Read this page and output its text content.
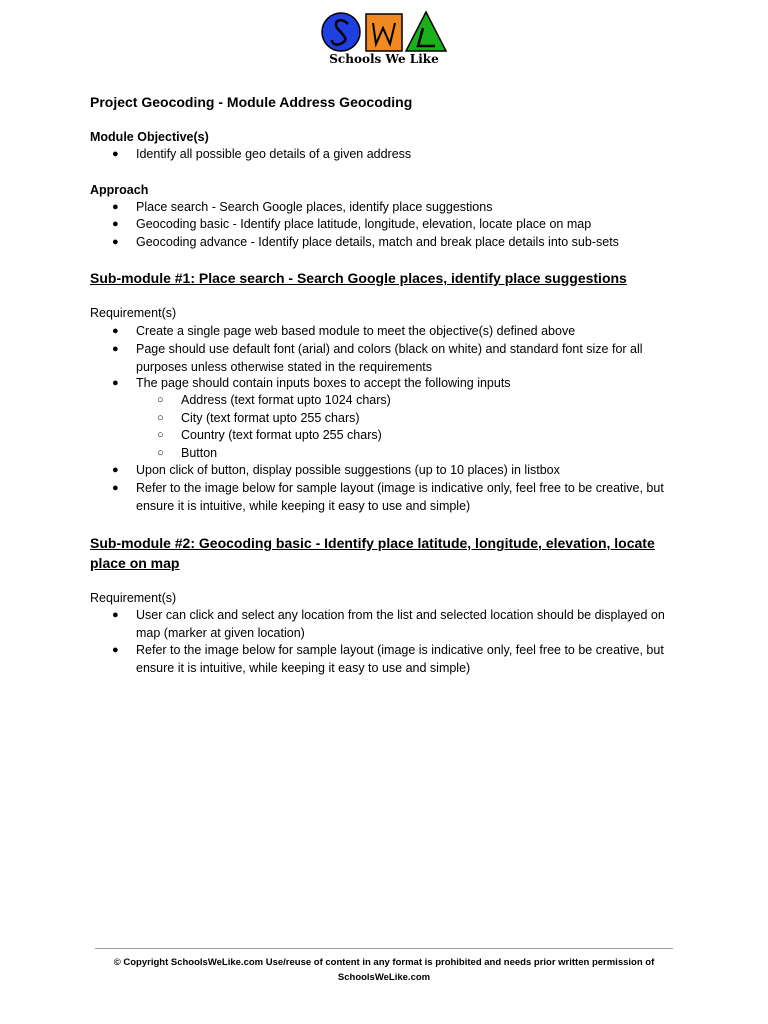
Schools We Like
Project Geocoding - Module Address Geocoding
Module Objective(s)
● Identify all possible geo details of a given address
Approach
● Place search - Search Google places, identify place suggestions
● Geocoding basic - Identify place latitude, longitude, elevation, locate place on map
● Geocoding advance - Identify place details, match and break place details into sub-sets
Sub-module #1: Place search - Search Google places, identify place suggestions
Requirement(s)
● Create a single page web based module to meet the objective(s) defined above
● Page should use default font (arial) and colors (black on white) and standard font size for all purposes unless otherwise stated in the requirements
● The page should contain inputs boxes to accept the following inputs
○ Address (text format upto 1024 chars)
○ City (text format upto 255 chars)
○ Country (text format upto 255 chars)
○ Button
● Upon click of button, display possible suggestions (up to 10 places) in listbox
● Refer to the image below for sample layout (image is indicative only, feel free to be creative, but ensure it is intuitive, while keeping it easy to use and simple)
Sub-module #2: Geocoding basic - Identify place latitude, longitude, elevation, locate place on map
Requirement(s)
● User can click and select any location from the list and selected location should be displayed on map (marker at given location)
● Refer to the image below for sample layout (image is indicative only, feel free to be creative, but ensure it is intuitive, while keeping it easy to use and simple)
© Copyright SchoolsWeLike.com Use/reuse of content in any format is prohibited and needs prior written permission of SchoolsWeLike.com
